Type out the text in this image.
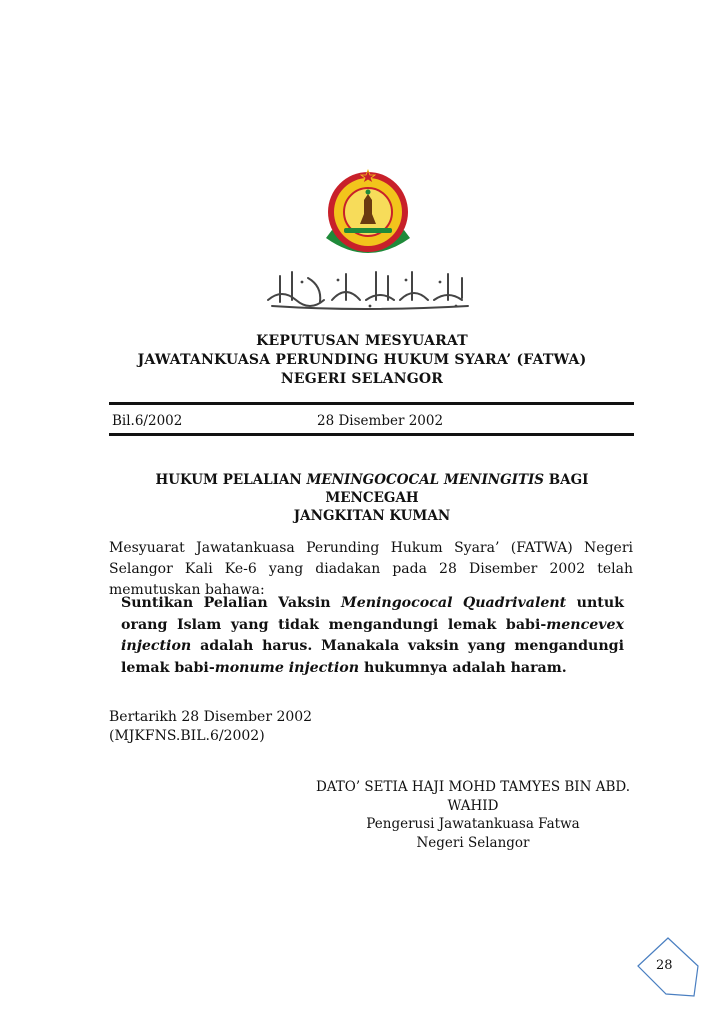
KEPUTUSAN MESYUARAT
JAWATANKUASA PERUNDING HUKUM SYARA’ (FATWA)
NEGERI SELANGOR
Bil.6/2002	28 Disember 2002
HUKUM PELALIAN MENINGOCOCAL MENINGITIS BAGI MENCEGAH
JANGKITAN KUMAN
Mesyuarat Jawatankuasa Perunding Hukum Syara’ (FATWA) Negeri Selangor Kali Ke-6 yang diadakan pada 28 Disember 2002 telah memutuskan bahawa:
Suntikan Pelalian Vaksin Meningococal Quadrivalent untuk orang Islam yang tidak mengandungi lemak babi-mencevex injection adalah harus. Manakala vaksin yang mengandungi lemak babi-monume injection hukumnya adalah haram.
Bertarikh 28 Disember 2002
(MJKFNS.BIL.6/2002)
DATO’ SETIA HAJI MOHD TAMYES BIN ABD. WAHID
Pengerusi Jawatankuasa Fatwa
Negeri Selangor
28
